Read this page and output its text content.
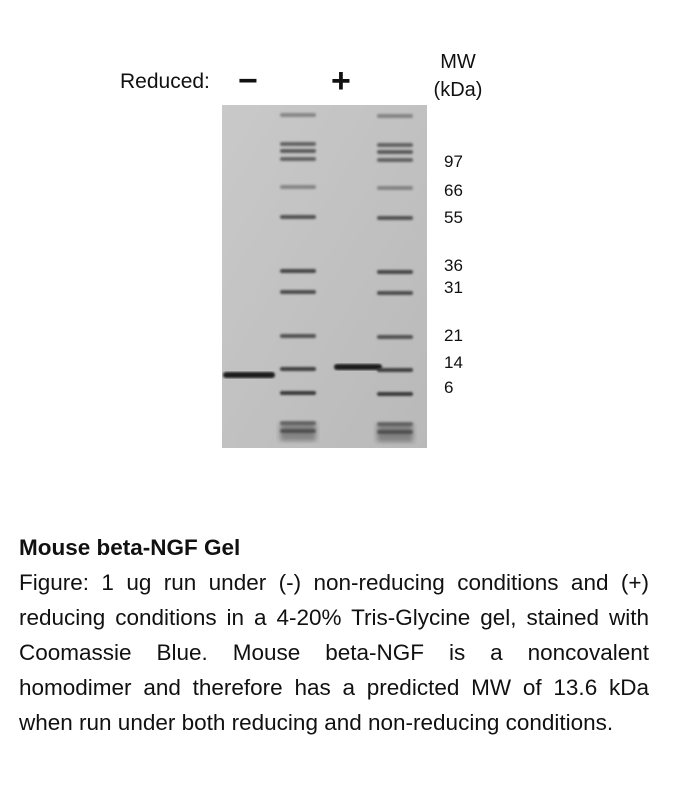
Reduced: − +	MW
(kDa)
97
66
55
36
31
21
14
6
Mouse beta-NGF Gel
Figure: 1 ug run under (-) non-reducing conditions and (+) reducing conditions in a 4-20% Tris-Glycine gel, stained with Coomassie Blue. Mouse beta-NGF is a noncovalent homodimer and therefore has a predicted MW of 13.6 kDa when run under both reducing and non-reducing conditions.
